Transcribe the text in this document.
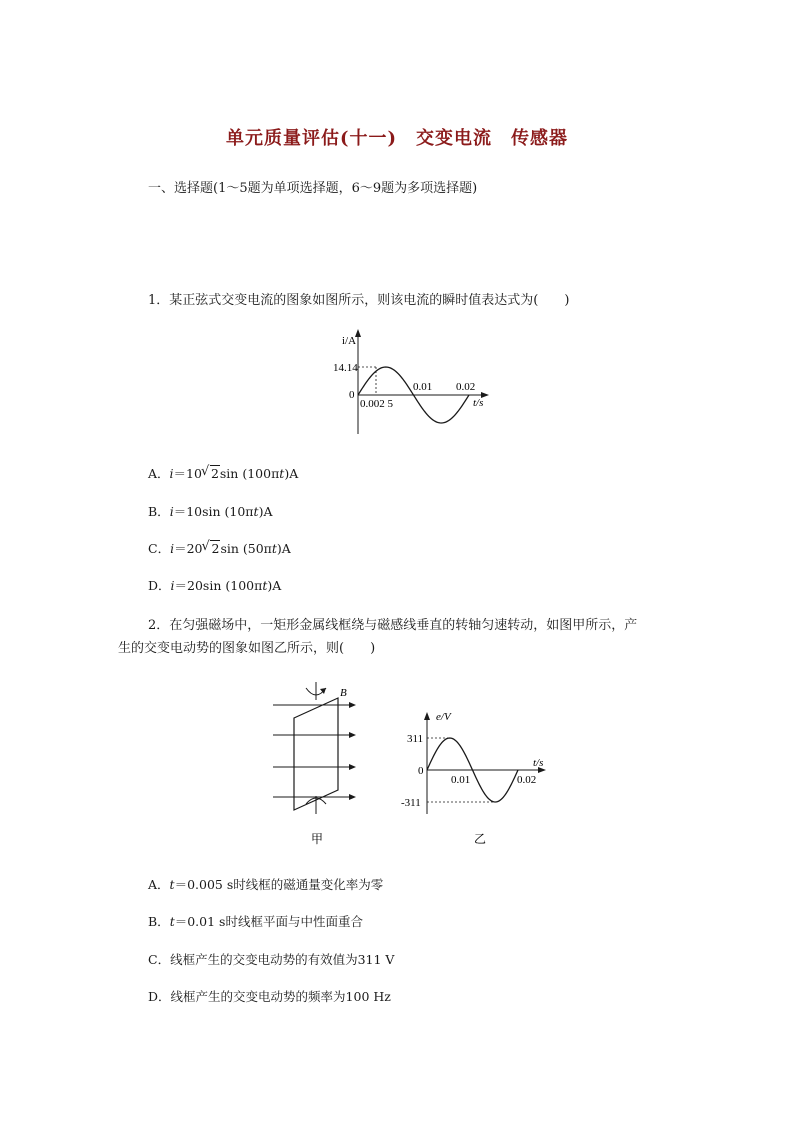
单元质量评估(十一)　交变电流　传感器
一、选择题(1～5题为单项选择题，6～9题为多项选择题)
1．某正弦式交变电流的图象如图所示，则该电流的瞬时值表达式为(　　)
i/A
14.14
0
0.002 5
0.01 0.02
t/s
A．i＝10 √ 2sin (100πt)A
B．i＝10sin (10πt)A
C．i＝20 √ 2sin (50πt)A
D．i＝20sin (100πt)A
2．在匀强磁场中，一矩形金属线框绕与磁感线垂直的转轴匀速转动，如图甲所示，产
生的交变电动势的图象如图乙所示，则(　　)
B
甲
e/V
311
0
-311
0.01	0.02
t/s
乙
A．t＝0.005 s时线框的磁通量变化率为零
B．t＝0.01 s时线框平面与中性面重合
C．线框产生的交变电动势的有效值为311 V
D．线框产生的交变电动势的频率为100 Hz
